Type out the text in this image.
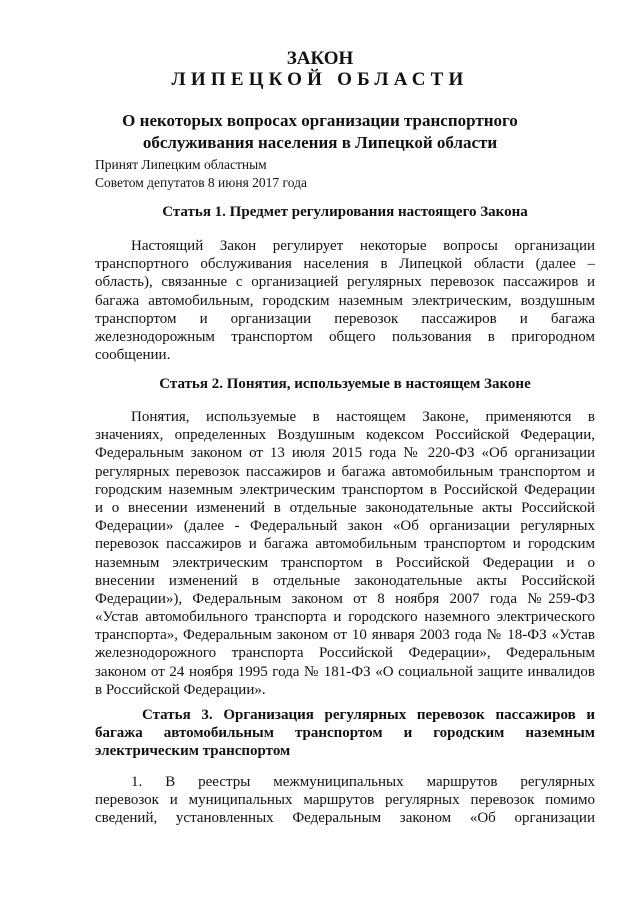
ЗАКОН
ЛИПЕЦКОЙ ОБЛАСТИ
О некоторых вопросах организации транспортного
обслуживания населения в Липецкой области
Принят Липецким областным
Советом депутатов 8 июня 2017 года
Статья 1. Предмет регулирования настоящего Закона
Настоящий Закон регулирует некоторые вопросы организации
транспортного обслуживания населения в Липецкой области (далее –
область), связанные с организацией регулярных перевозок пассажиров и
багажа автомобильным, городским наземным электрическим, воздушным
транспортом и организации перевозок пассажиров и багажа
железнодорожным транспортом общего пользования в пригородном
сообщении.
Статья 2. Понятия, используемые в настоящем Законе
Понятия, используемые в настоящем Законе, применяются в
значениях, определенных Воздушным кодексом Российской Федерации,
Федеральным законом от 13 июля 2015 года № 220-ФЗ «Об организации
регулярных перевозок пассажиров и багажа автомобильным транспортом и
городским наземным электрическим транспортом в Российской Федерации
и о внесении изменений в отдельные законодательные акты Российской
Федерации» (далее - Федеральный закон «Об организации регулярных
перевозок пассажиров и багажа автомобильным транспортом и городским
наземным электрическим транспортом в Российской Федерации и о
внесении изменений в отдельные законодательные акты Российской
Федерации»), Федеральным законом от 8 ноября 2007 года №259-ФЗ
«Устав автомобильного транспорта и городского наземного электрического
транспорта», Федеральным законом от 10 января 2003 года № 18-ФЗ «Устав
железнодорожного транспорта Российской Федерации», Федеральным
законом от 24 ноября 1995 года № 181-ФЗ «О социальной защите инвалидов
в Российской Федерации».
Статья 3. Организация регулярных перевозок пассажиров и
багажа автомобильным транспортом и городским наземным
электрическим транспортом
1. В реестры межмуниципальных маршрутов регулярных
перевозок и муниципальных маршрутов регулярных перевозок помимо
сведений, установленных Федеральным законом «Об организации
